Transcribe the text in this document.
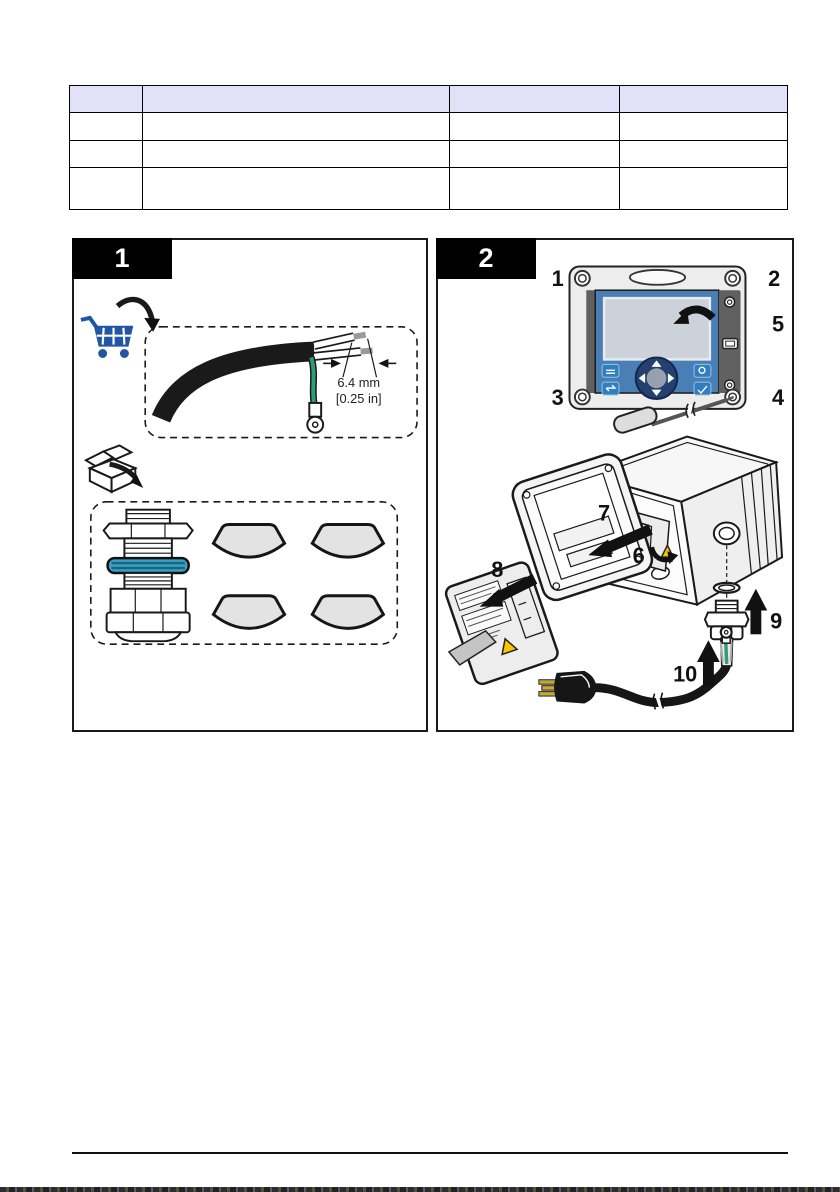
6.4 mm
[0.25 in]
1
1	2
3	4
5
7
6
8
9
10
2
